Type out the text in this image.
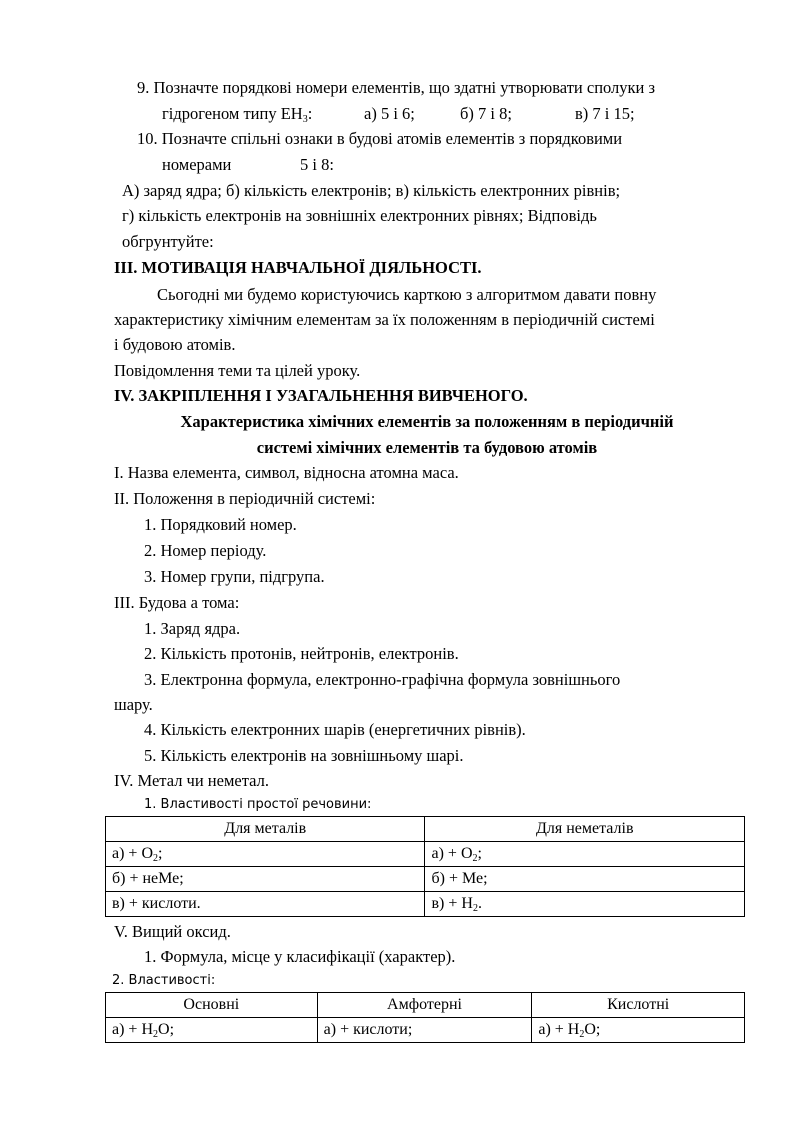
9. Позначте порядкові номери елементів, що здатні утворювати сполуки з
гідрогеном типу $ЕН_3$:	а) 5 і 6;	б) 7 і 8;	в) 7 і 15;
10. Позначте спільні ознаки в будові атомів елементів з порядковими
номерами	5 і 8:
А) заряд ядра; б) кількість електронів; в) кількість електронних рівнів;
г) кількість електронів на зовнішніх електронних рівнях; Відповідь
обгрунтуйте:
ІІІ. МОТИВАЦІЯ НАВЧАЛЬНОЇ ДІЯЛЬНОСТІ.
Сьогодні ми будемо користуючись карткою з алгоритмом давати повну
характеристику хімічним елементам за їх положенням в періодичній системі
і будовою атомів.
Повідомлення теми та цілей уроку.
IV. ЗАКРІПЛЕННЯ І УЗАГАЛЬНЕННЯ ВИВЧЕНОГО.
Характеристика хімічних елементів за положенням в періодичній
системі хімічних елементів та будовою атомів
I. Назва елемента, символ, відносна атомна маса.
II. Положення в періодичній системі:
1. Порядковий номер.
2. Номер періоду.
3. Номер групи, підгрупа.
III. Будова а тома:
1. Заряд ядра.
2. Кількість протонів, нейтронів, електронів.
3. Електронна формула, електронно-графічна формула зовнішнього
шару.
4. Кількість електронних шарів (енергетичних рівнів).
5. Кількість електронів на зовнішньому шарі.
IV. Метал чи неметал.
1. Властивості простої речовини:
Для металів	Для неметалів
$а) + O_2$;	$а) + O_2$;
б) + неМе;	б) + Ме;
в) + кислоти.	$в) + H_2$.
V. Вищий оксид.
1. Формула, місце у класифікації (характер).
2. Властивості:
Основні	Амфотерні	Кислотні
$а) + H_2O$;	а) + кислоти;	$а) + H_2O$;
